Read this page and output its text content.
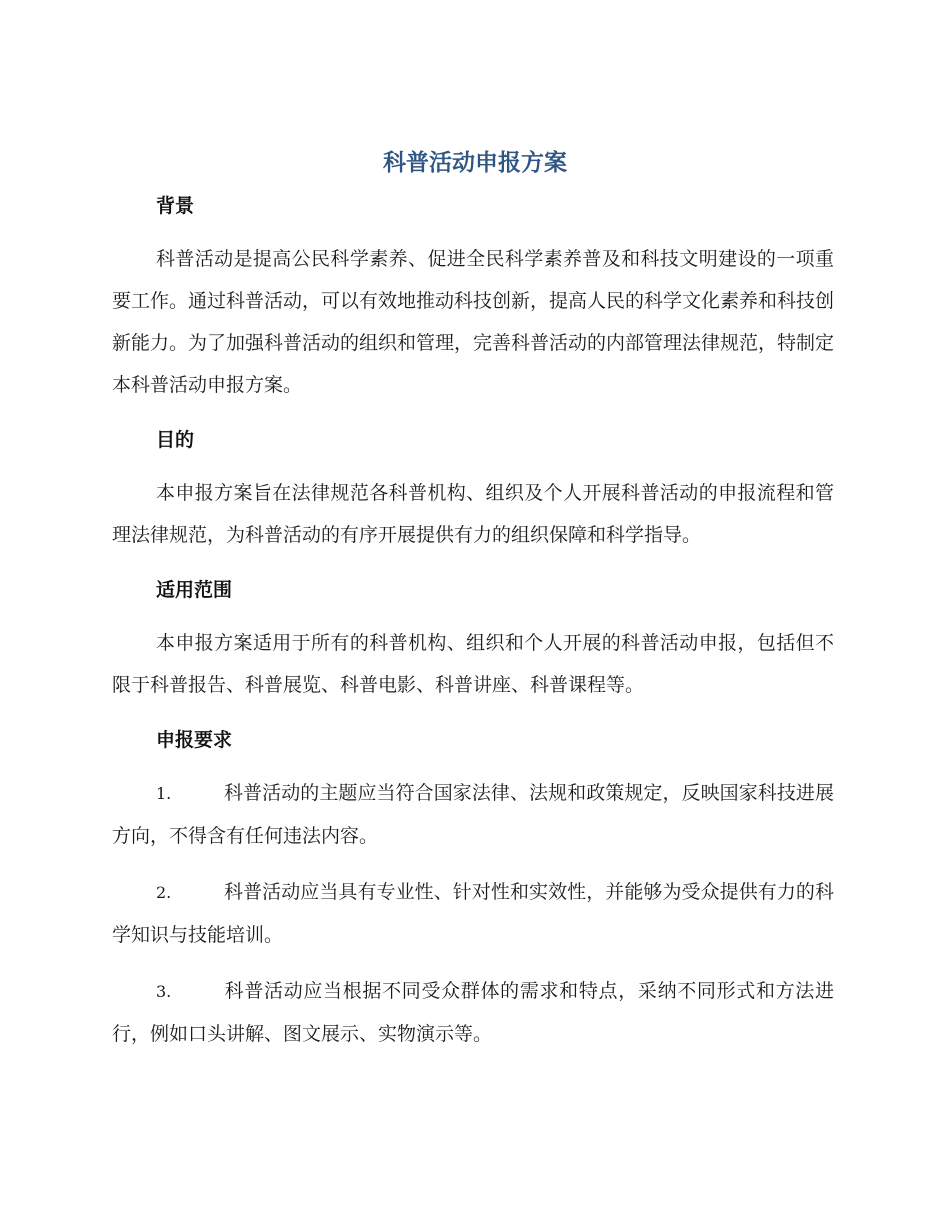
科普活动申报方案
背景

科普活动是提高公民科学素养、促进全民科学素养普及和科技文明建设的一项重要工作。通过科普活动，可以有效地推动科技创新，提高人民的科学文化素养和科技创新能力。为了加强科普活动的组织和管理，完善科普活动的内部管理法律规范，特制定本科普活动申报方案。

目的

本申报方案旨在法律规范各科普机构、组织及个人开展科普活动的申报流程和管理法律规范，为科普活动的有序开展提供有力的组织保障和科学指导。

适用范围

本申报方案适用于所有的科普机构、组织和个人开展的科普活动申报，包括但不限于科普报告、科普展览、科普电影、科普讲座、科普课程等。

申报要求

1.	科普活动的主题应当符合国家法律、法规和政策规定，反映国家科技进展方向，不得含有任何违法内容。

2.	科普活动应当具有专业性、针对性和实效性，并能够为受众提供有力的科学知识与技能培训。

3.	科普活动应当根据不同受众群体的需求和特点，采纳不同形式和方法进行，例如口头讲解、图文展示、实物演示等。
